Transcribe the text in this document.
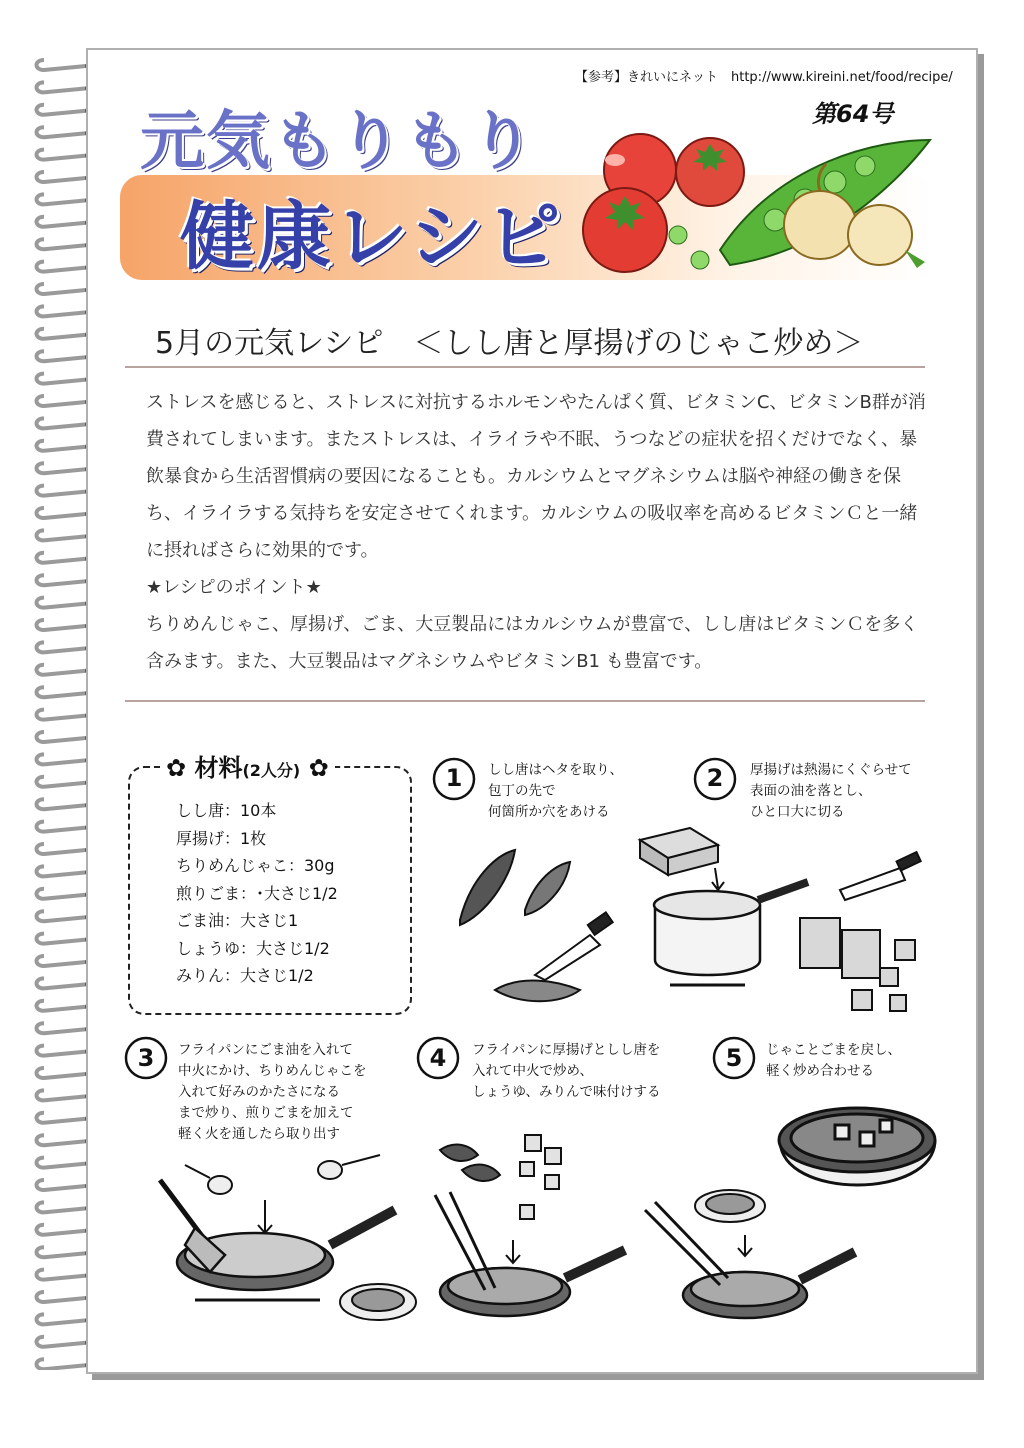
【参考】きれいにネット　http://www.kireini.net/food/recipe/
第64号
元気もりもり
健康レシピ
5月の元気レシピ　＜しし唐と厚揚げのじゃこ炒め＞

ストレスを感じると、ストレスに対抗するホルモンやたんぱく質、ビタミンC、ビタミンB群が消費されてしまいます。またストレスは、イライラや不眠、うつなどの症状を招くだけでなく、暴飲暴食から生活習慣病の要因になることも。カルシウムとマグネシウムは脳や神経の働きを保ち、イライラする気持ちを安定させてくれます。カルシウムの吸収率を高めるビタミンＣと一緒に摂ればさらに効果的です。

★レシピのポイント★

ちりめんじゃこ、厚揚げ、ごま、大豆製品にはカルシウムが豊富で、しし唐はビタミンＣを多く含みます。また、大豆製品はマグネシウムやビタミンB1 も豊富です。

✿ 材料(2人分) ✿
しし唐：10本
厚揚げ：1枚
ちりめんじゃこ：30g
煎りごま：･大さじ1/2
ごま油：大さじ1
しょうゆ：大さじ1/2
みりん：大さじ1/2
1	しし唐はヘタを取り、
包丁の先で
何箇所か穴をあける
2	厚揚げは熱湯にくぐらせて
表面の油を落とし、
ひと口大に切る
3	フライパンにごま油を入れて
中火にかけ、ちりめんじゃこを
入れて好みのかたさになる
まで炒り、煎りごまを加えて
軽く火を通したら取り出す
4	フライパンに厚揚げとしし唐を
入れて中火で炒め、
しょうゆ、みりんで味付けする
5	じゃことごまを戻し、
軽く炒め合わせる
